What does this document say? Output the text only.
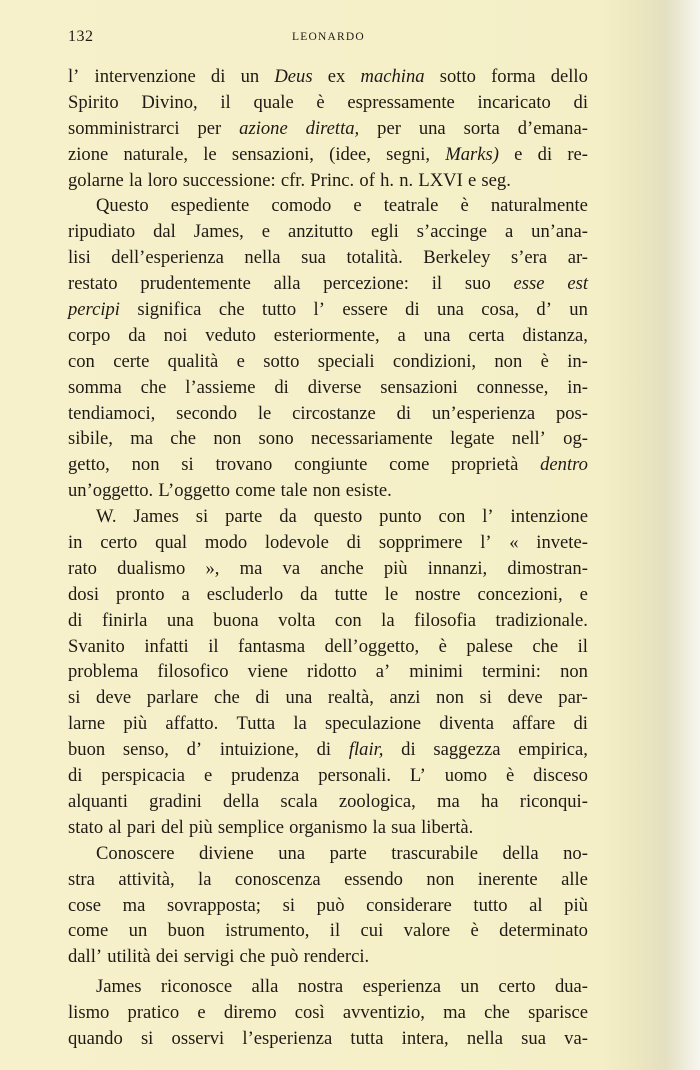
132	LEONARDO
l’ intervenzione di un Deus ex machina sotto forma dello
Spirito Divino, il quale è espressamente incaricato di
somministrarci per azione diretta, per una sorta d’emana-
zione naturale, le sensazioni, (idee, segni, Marks) e di re-
golarne la loro successione: cfr. Princ. of h. n. LXVI e seg.
Questo espediente comodo e teatrale è naturalmente
ripudiato dal James, e anzitutto egli s’accinge a un’ana-
lisi dell’esperienza nella sua totalità. Berkeley s’era ar-
restato prudentemente alla percezione: il suo esse est
percipi significa che tutto l’ essere di una cosa, d’ un
corpo da noi veduto esteriormente, a una certa distanza,
con certe qualità e sotto speciali condizioni, non è in-
somma che l’assieme di diverse sensazioni connesse, in-
tendiamoci, secondo le circostanze di un’esperienza pos-
sibile, ma che non sono necessariamente legate nell’ og-
getto, non si trovano congiunte come proprietà dentro
un’oggetto. L’oggetto come tale non esiste.
W. James si parte da questo punto con l’ intenzione
in certo qual modo lodevole di sopprimere l’ « invete-
rato dualismo », ma va anche più innanzi, dimostran-
dosi pronto a escluderlo da tutte le nostre concezioni, e
di finirla una buona volta con la filosofia tradizionale.
Svanito infatti il fantasma dell’oggetto, è palese che il
problema filosofico viene ridotto a’ minimi termini: non
si deve parlare che di una realtà, anzi non si deve par-
larne più affatto. Tutta la speculazione diventa affare di
buon senso, d’ intuizione, di flair, di saggezza empirica,
di perspicacia e prudenza personali. L’ uomo è disceso
alquanti gradini della scala zoologica, ma ha riconqui-
stato al pari del più semplice organismo la sua libertà.
Conoscere diviene una parte trascurabile della no-
stra attività, la conoscenza essendo non inerente alle
cose ma sovrapposta; si può considerare tutto al più
come un buon istrumento, il cui valore è determinato
dall’ utilità dei servigi che può renderci.
James riconosce alla nostra esperienza un certo dua-
lismo pratico e diremo così avventizio, ma che sparisce
quando si osservi l’esperienza tutta intera, nella sua va-
